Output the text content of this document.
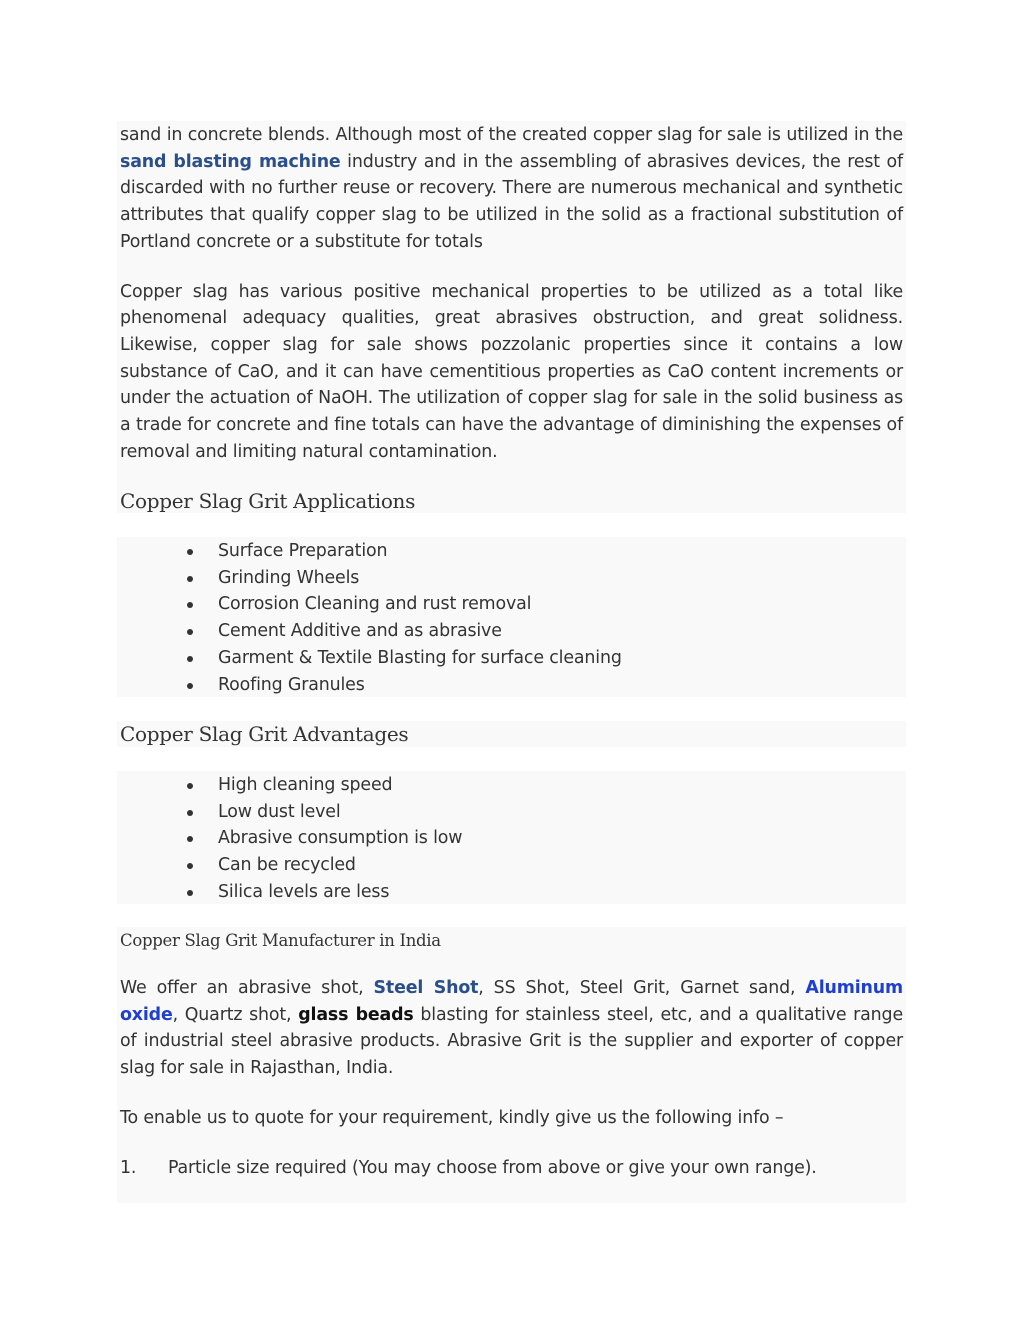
sand in concrete blends. Although most of the created copper slag for sale is utilized in the sand blasting machine industry and in the assembling of abrasives devices, the rest of discarded with no further reuse or recovery. There are numerous mechanical and synthetic attributes that qualify copper slag to be utilized in the solid as a fractional substitution of Portland concrete or a substitute for totals

Copper slag has various positive mechanical properties to be utilized as a total like phenomenal adequacy qualities, great abrasives obstruction, and great solidness. Likewise, copper slag for sale shows pozzolanic properties since it contains a low substance of CaO, and it can have cementitious properties as CaO content increments or under the actuation of NaOH. The utilization of copper slag for sale in the solid business as a trade for concrete and fine totals can have the advantage of diminishing the expenses of removal and limiting natural contamination.

Copper Slag Grit Applications
Surface Preparation
Grinding Wheels
Corrosion Cleaning and rust removal
Cement Additive and as abrasive
Garment & Textile Blasting for surface cleaning
Roofing Granules
Copper Slag Grit Advantages
High cleaning speed
Low dust level
Abrasive consumption is low
Can be recycled
Silica levels are less
Copper Slag Grit Manufacturer in India

We offer an abrasive shot, Steel Shot, SS Shot, Steel Grit, Garnet sand, Aluminum oxide, Quartz shot, glass beads blasting for stainless steel, etc, and a qualitative range of industrial steel abrasive products. Abrasive Grit is the supplier and exporter of copper slag for sale in Rajasthan, India.

To enable us to quote for your requirement, kindly give us the following info –

1.	Particle size required (You may choose from above or give your own range).
